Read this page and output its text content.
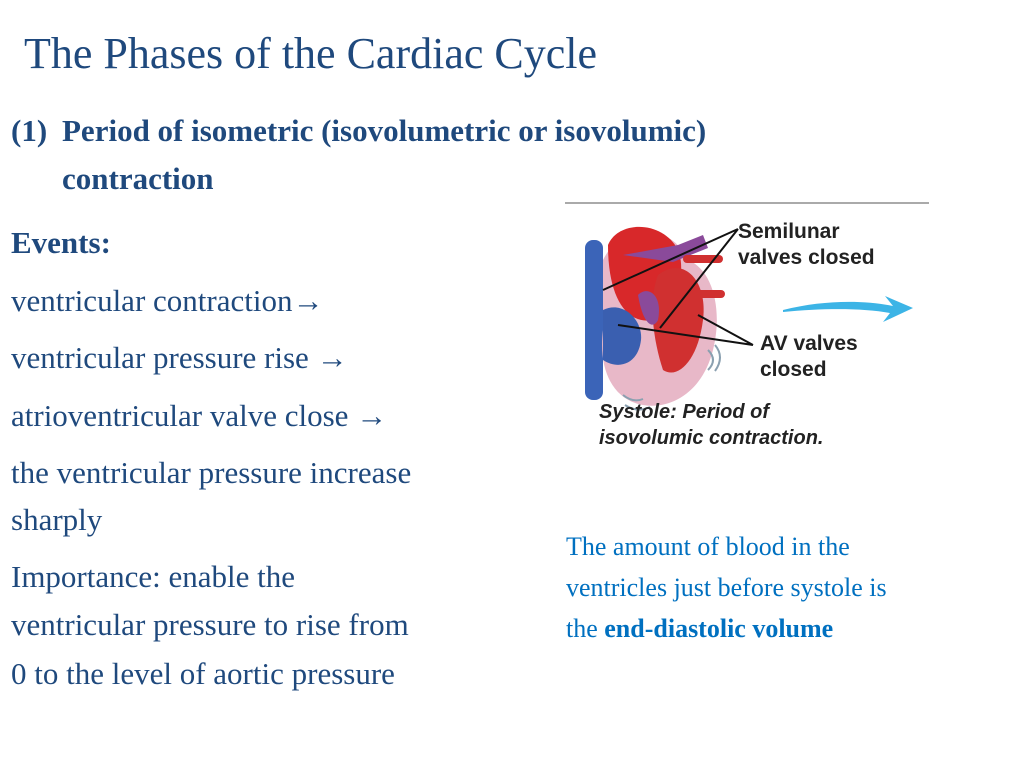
The Phases of the Cardiac Cycle
(1) Period of isometric (isovolumetric or isovolumic)
contraction
Events:
ventricular contraction→
ventricular pressure rise →
atrioventricular valve close →
the ventricular pressure increase
sharply
Importance: enable the
ventricular pressure to rise from
0 to the level of aortic pressure
Semilunar
valves closed
AV valves
closed
Systole: Period of
isovolumic contraction.
The amount of blood in the
ventricles just before systole is
the end-diastolic volume
